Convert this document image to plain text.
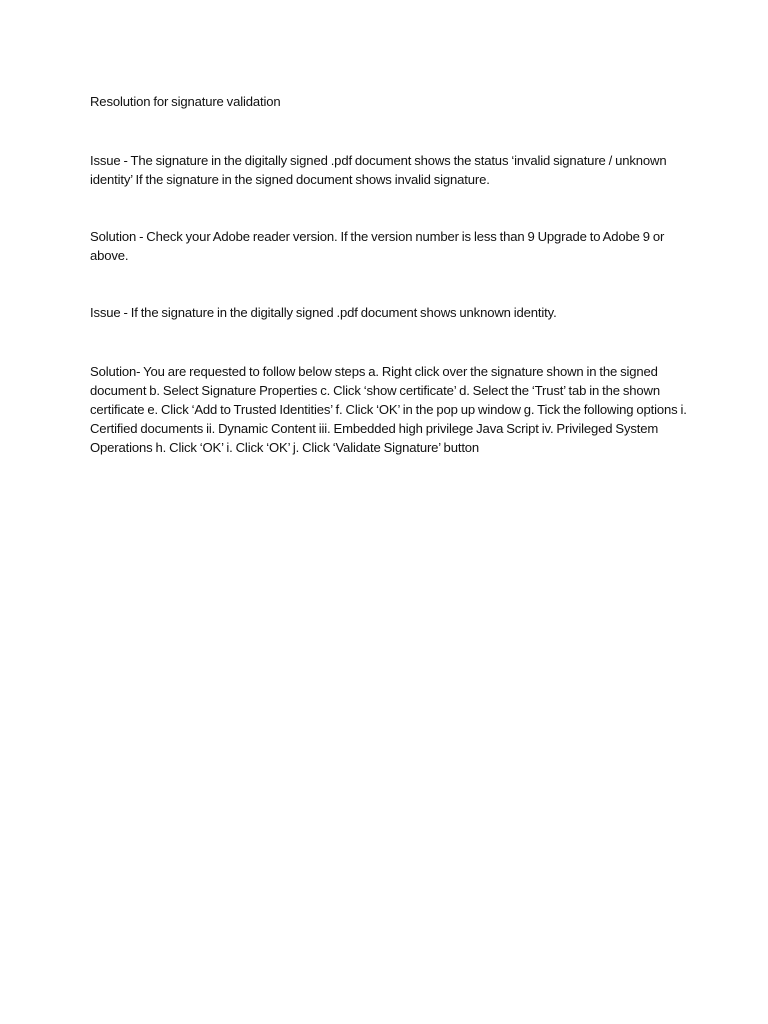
Resolution for signature validation

Issue - The signature in the digitally signed .pdf document shows the status ‘invalid signature / unknown identity’ If the signature in the signed document shows invalid signature.

Solution - Check your Adobe reader version. If the version number is less than 9 Upgrade to Adobe 9 or above.

Issue - If the signature in the digitally signed .pdf document shows unknown identity.

Solution- You are requested to follow below steps a. Right click over the signature shown in the signed document b. Select Signature Properties c. Click ‘show certificate’ d. Select the ‘Trust’ tab in the shown certificate e. Click ‘Add to Trusted Identities’ f. Click ‘OK’ in the pop up window g. Tick the following options i. Certified documents ii. Dynamic Content iii. Embedded high privilege Java Script iv. Privileged System Operations h. Click ‘OK’ i. Click ‘OK’ j. Click ‘Validate Signature’ button
